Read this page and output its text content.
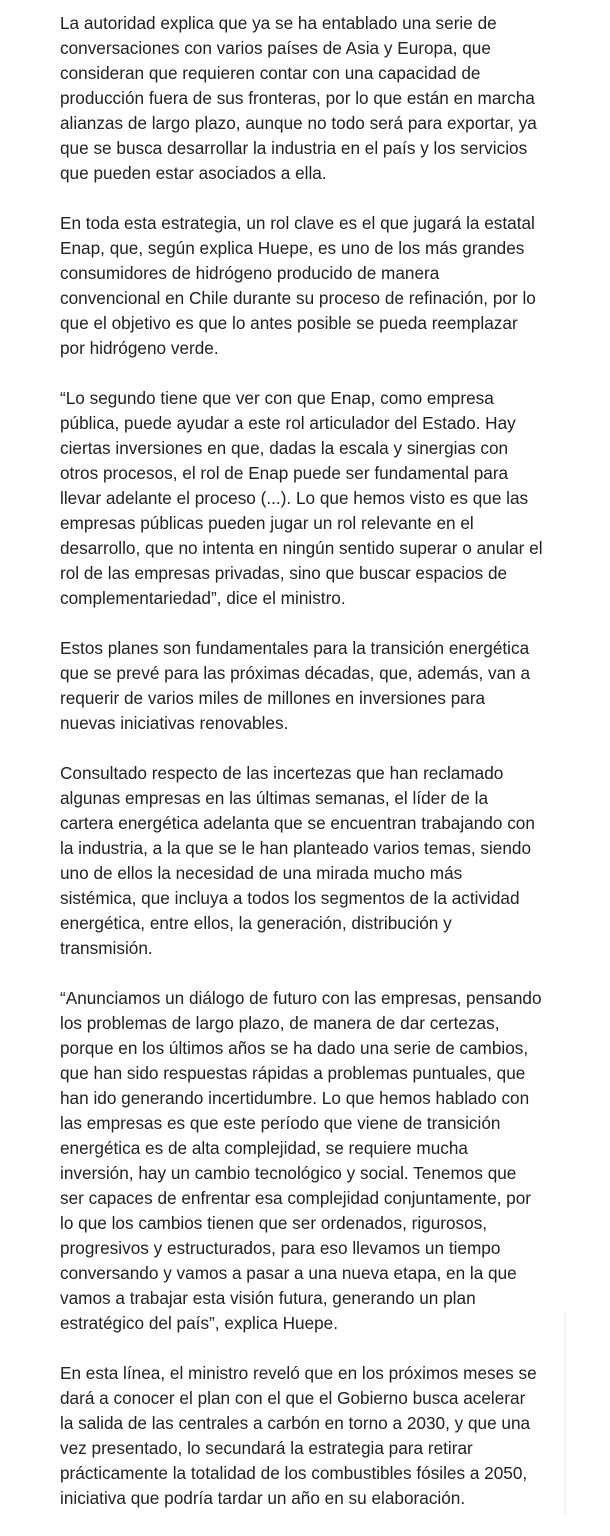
La autoridad explica que ya se ha entablado una serie de
conversaciones con varios países de Asia y Europa, que
consideran que requieren contar con una capacidad de
producción fuera de sus fronteras, por lo que están en marcha
alianzas de largo plazo, aunque no todo será para exportar, ya
que se busca desarrollar la industria en el país y los servicios
que pueden estar asociados a ella.

En toda esta estrategia, un rol clave es el que jugará la estatal
Enap, que, según explica Huepe, es uno de los más grandes
consumidores de hidrógeno producido de manera
convencional en Chile durante su proceso de refinación, por lo
que el objetivo es que lo antes posible se pueda reemplazar
por hidrógeno verde.

“Lo segundo tiene que ver con que Enap, como empresa
pública, puede ayudar a este rol articulador del Estado. Hay
ciertas inversiones en que, dadas la escala y sinergias con
otros procesos, el rol de Enap puede ser fundamental para
llevar adelante el proceso (...). Lo que hemos visto es que las
empresas públicas pueden jugar un rol relevante en el
desarrollo, que no intenta en ningún sentido superar o anular el
rol de las empresas privadas, sino que buscar espacios de
complementariedad”, dice el ministro.

Estos planes son fundamentales para la transición energética
que se prevé para las próximas décadas, que, además, van a
requerir de varios miles de millones en inversiones para
nuevas iniciativas renovables.

Consultado respecto de las incertezas que han reclamado
algunas empresas en las últimas semanas, el líder de la
cartera energética adelanta que se encuentran trabajando con
la industria, a la que se le han planteado varios temas, siendo
uno de ellos la necesidad de una mirada mucho más
sistémica, que incluya a todos los segmentos de la actividad
energética, entre ellos, la generación, distribución y
transmisión.

“Anunciamos un diálogo de futuro con las empresas, pensando
los problemas de largo plazo, de manera de dar certezas,
porque en los últimos años se ha dado una serie de cambios,
que han sido respuestas rápidas a problemas puntuales, que
han ido generando incertidumbre. Lo que hemos hablado con
las empresas es que este período que viene de transición
energética es de alta complejidad, se requiere mucha
inversión, hay un cambio tecnológico y social. Tenemos que
ser capaces de enfrentar esa complejidad conjuntamente, por
lo que los cambios tienen que ser ordenados, rigurosos,
progresivos y estructurados, para eso llevamos un tiempo
conversando y vamos a pasar a una nueva etapa, en la que
vamos a trabajar esta visión futura, generando un plan
estratégico del país”, explica Huepe.

En esta línea, el ministro reveló que en los próximos meses se
dará a conocer el plan con el que el Gobierno busca acelerar
la salida de las centrales a carbón en torno a 2030, y que una
vez presentado, lo secundará la estrategia para retirar
prácticamente la totalidad de los combustibles fósiles a 2050,
iniciativa que podría tardar un año en su elaboración.
